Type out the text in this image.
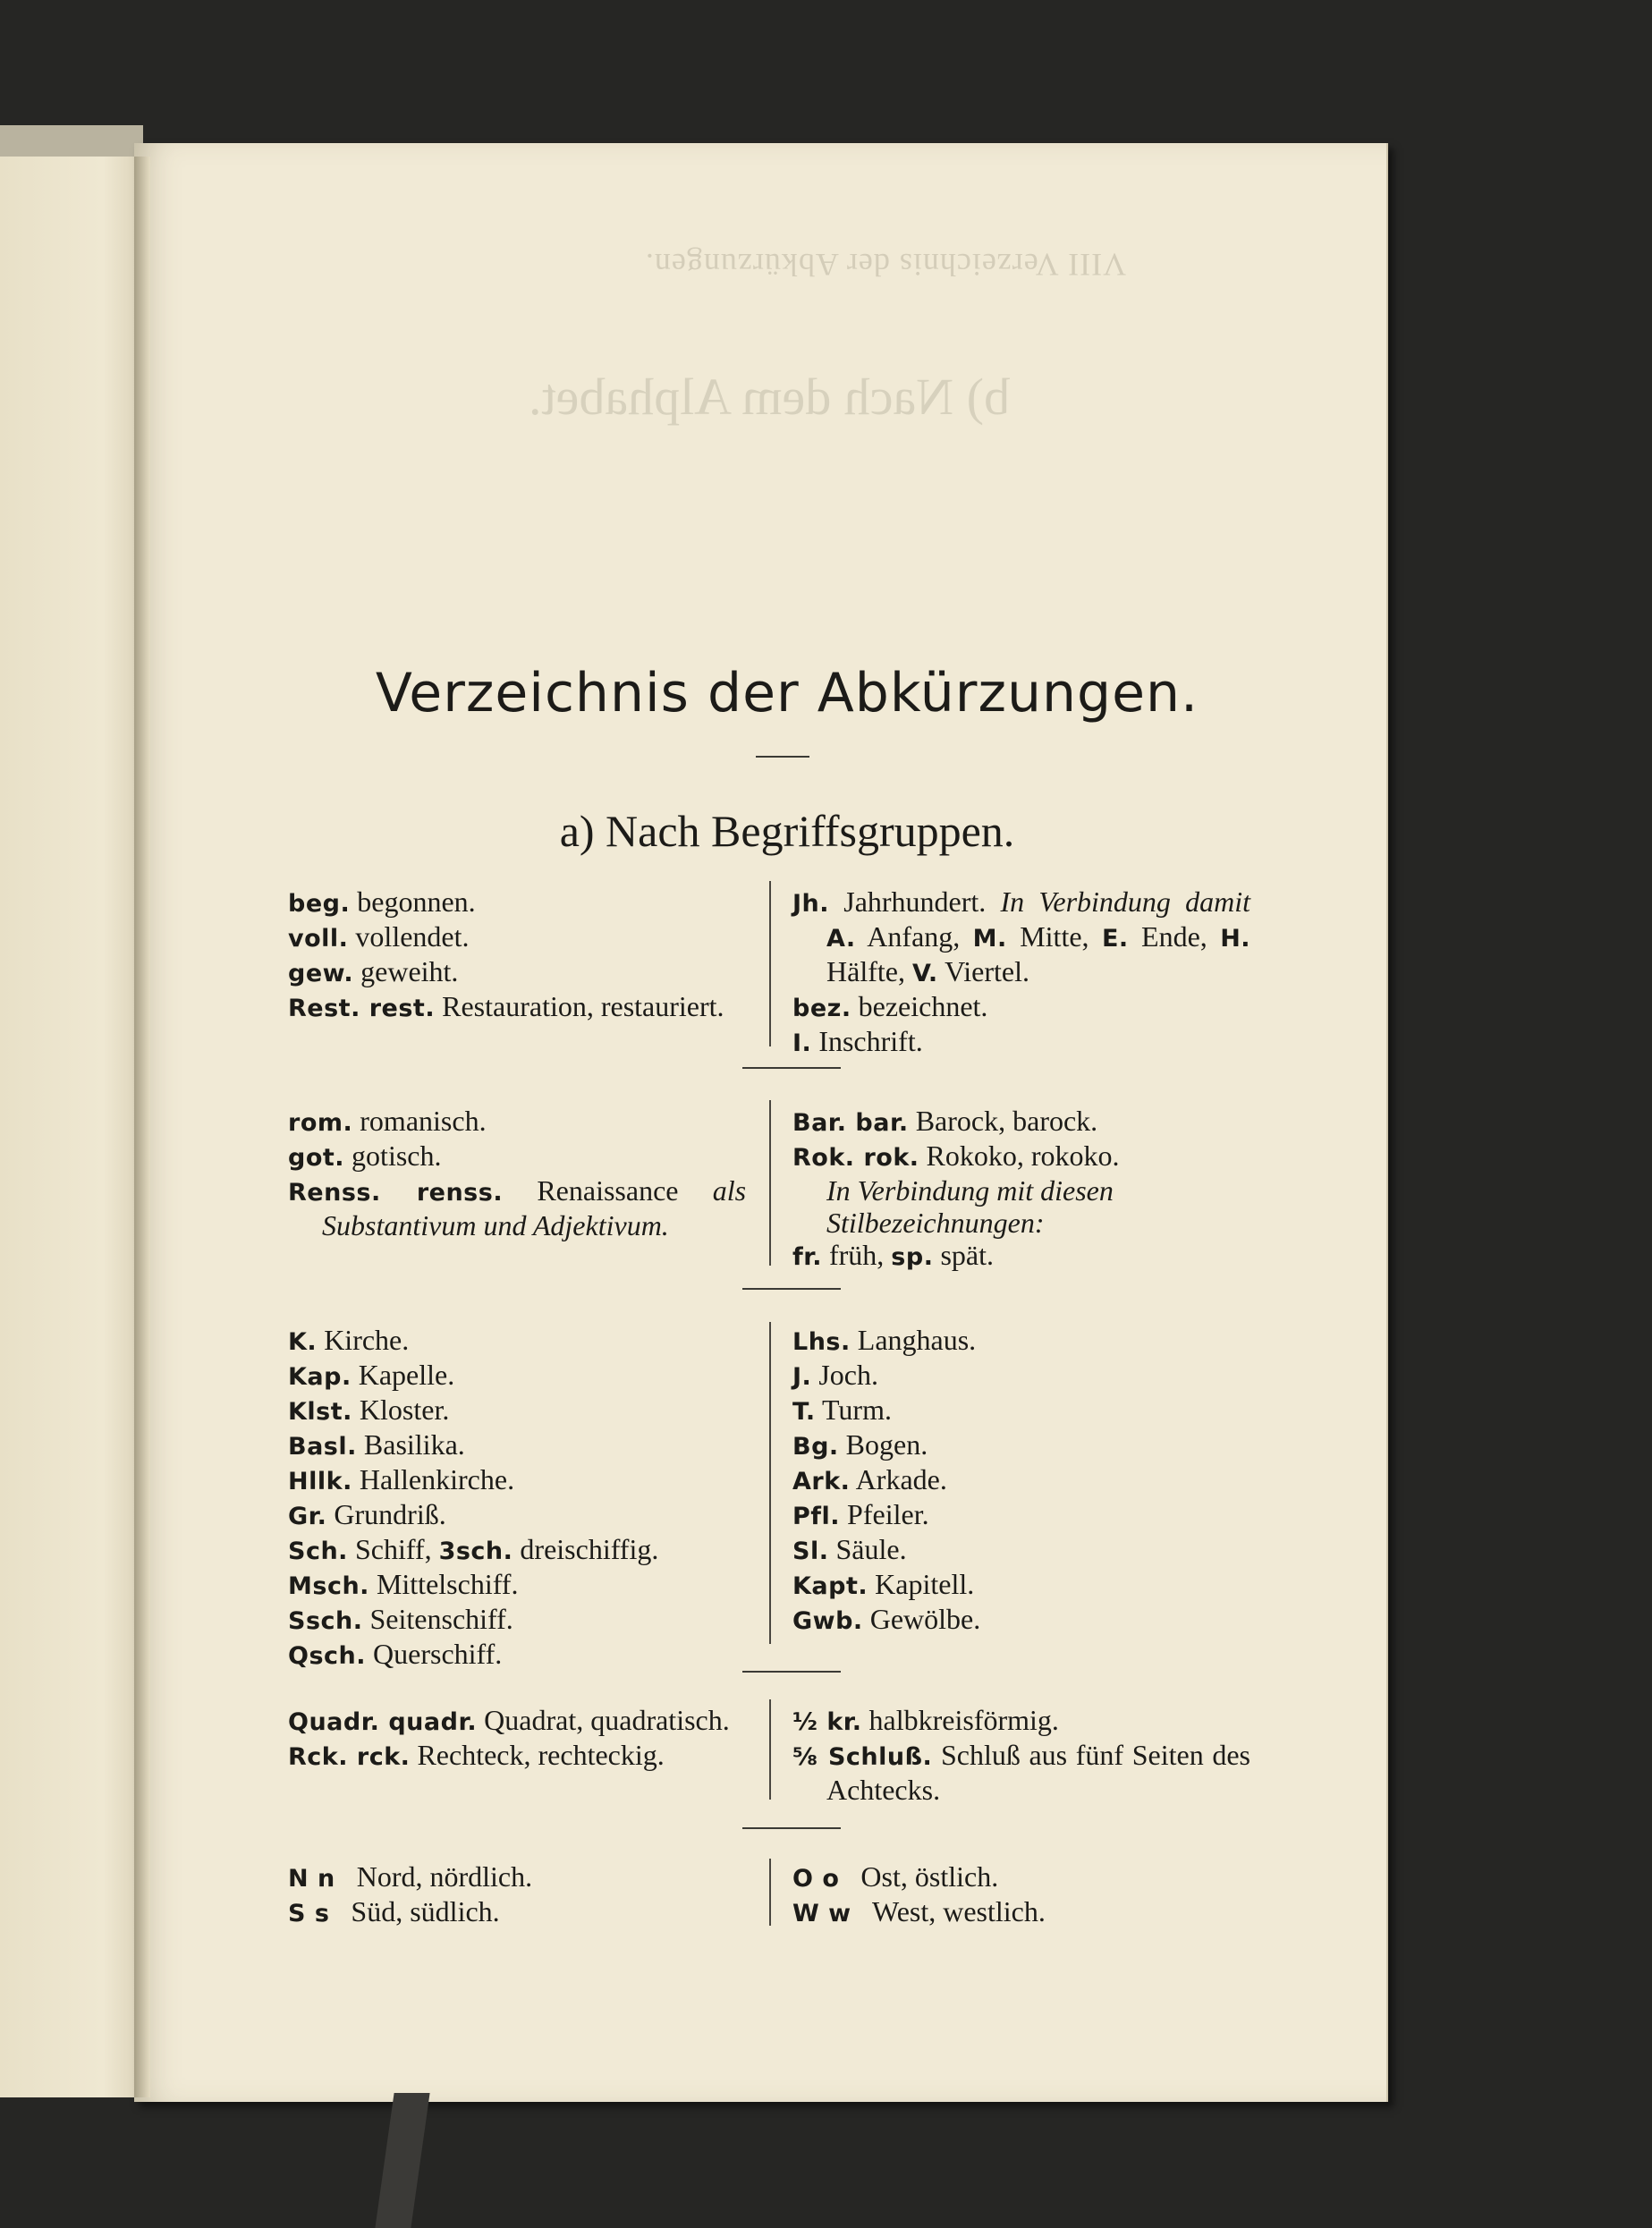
VIII Verzeichnis der Abkürzungen.
b) Nach dem Alphabet.
Verzeichnis der Abkürzungen.
a) Nach Begriffsgruppen.

beg. begonnen.

voll. vollendet.

gew. geweiht.

Rest. rest. Restauration, restauriert.

Jh. Jahrhundert. In Verbindung damit A. Anfang, M. Mitte, E. Ende, H. Hälfte, V. Viertel.

bez. bezeichnet.

I. Inschrift.

rom. romanisch.

got. gotisch.

Renss. renss. Renaissance als Substantivum und Adjektivum.

Bar. bar. Barock, barock.

Rok. rok. Rokoko, rokoko.

In Verbindung mit diesen Stilbezeichnungen:

fr. früh, sp. spät.

K. Kirche.

Kap. Kapelle.

Klst. Kloster.

Basl. Basilika.

Hllk. Hallenkirche.

Gr. Grundriß.

Sch. Schiff, 3sch. dreischiffig.

Msch. Mittelschiff.

Ssch. Seitenschiff.

Qsch. Querschiff.

Lhs. Langhaus.

J. Joch.

T. Turm.

Bg. Bogen.

Ark. Arkade.

Pfl. Pfeiler.

Sl. Säule.

Kapt. Kapitell.

Gwb. Gewölbe.

Quadr. quadr. Quadrat, quadratisch.

Rck. rck. Rechteck, rechteckig.

½ kr. halbkreisförmig.

⅝ Schluß. Schluß aus fünf Seiten des Achtecks.

N n Nord, nördlich.

S s Süd, südlich.

O o Ost, östlich.

W w West, westlich.
